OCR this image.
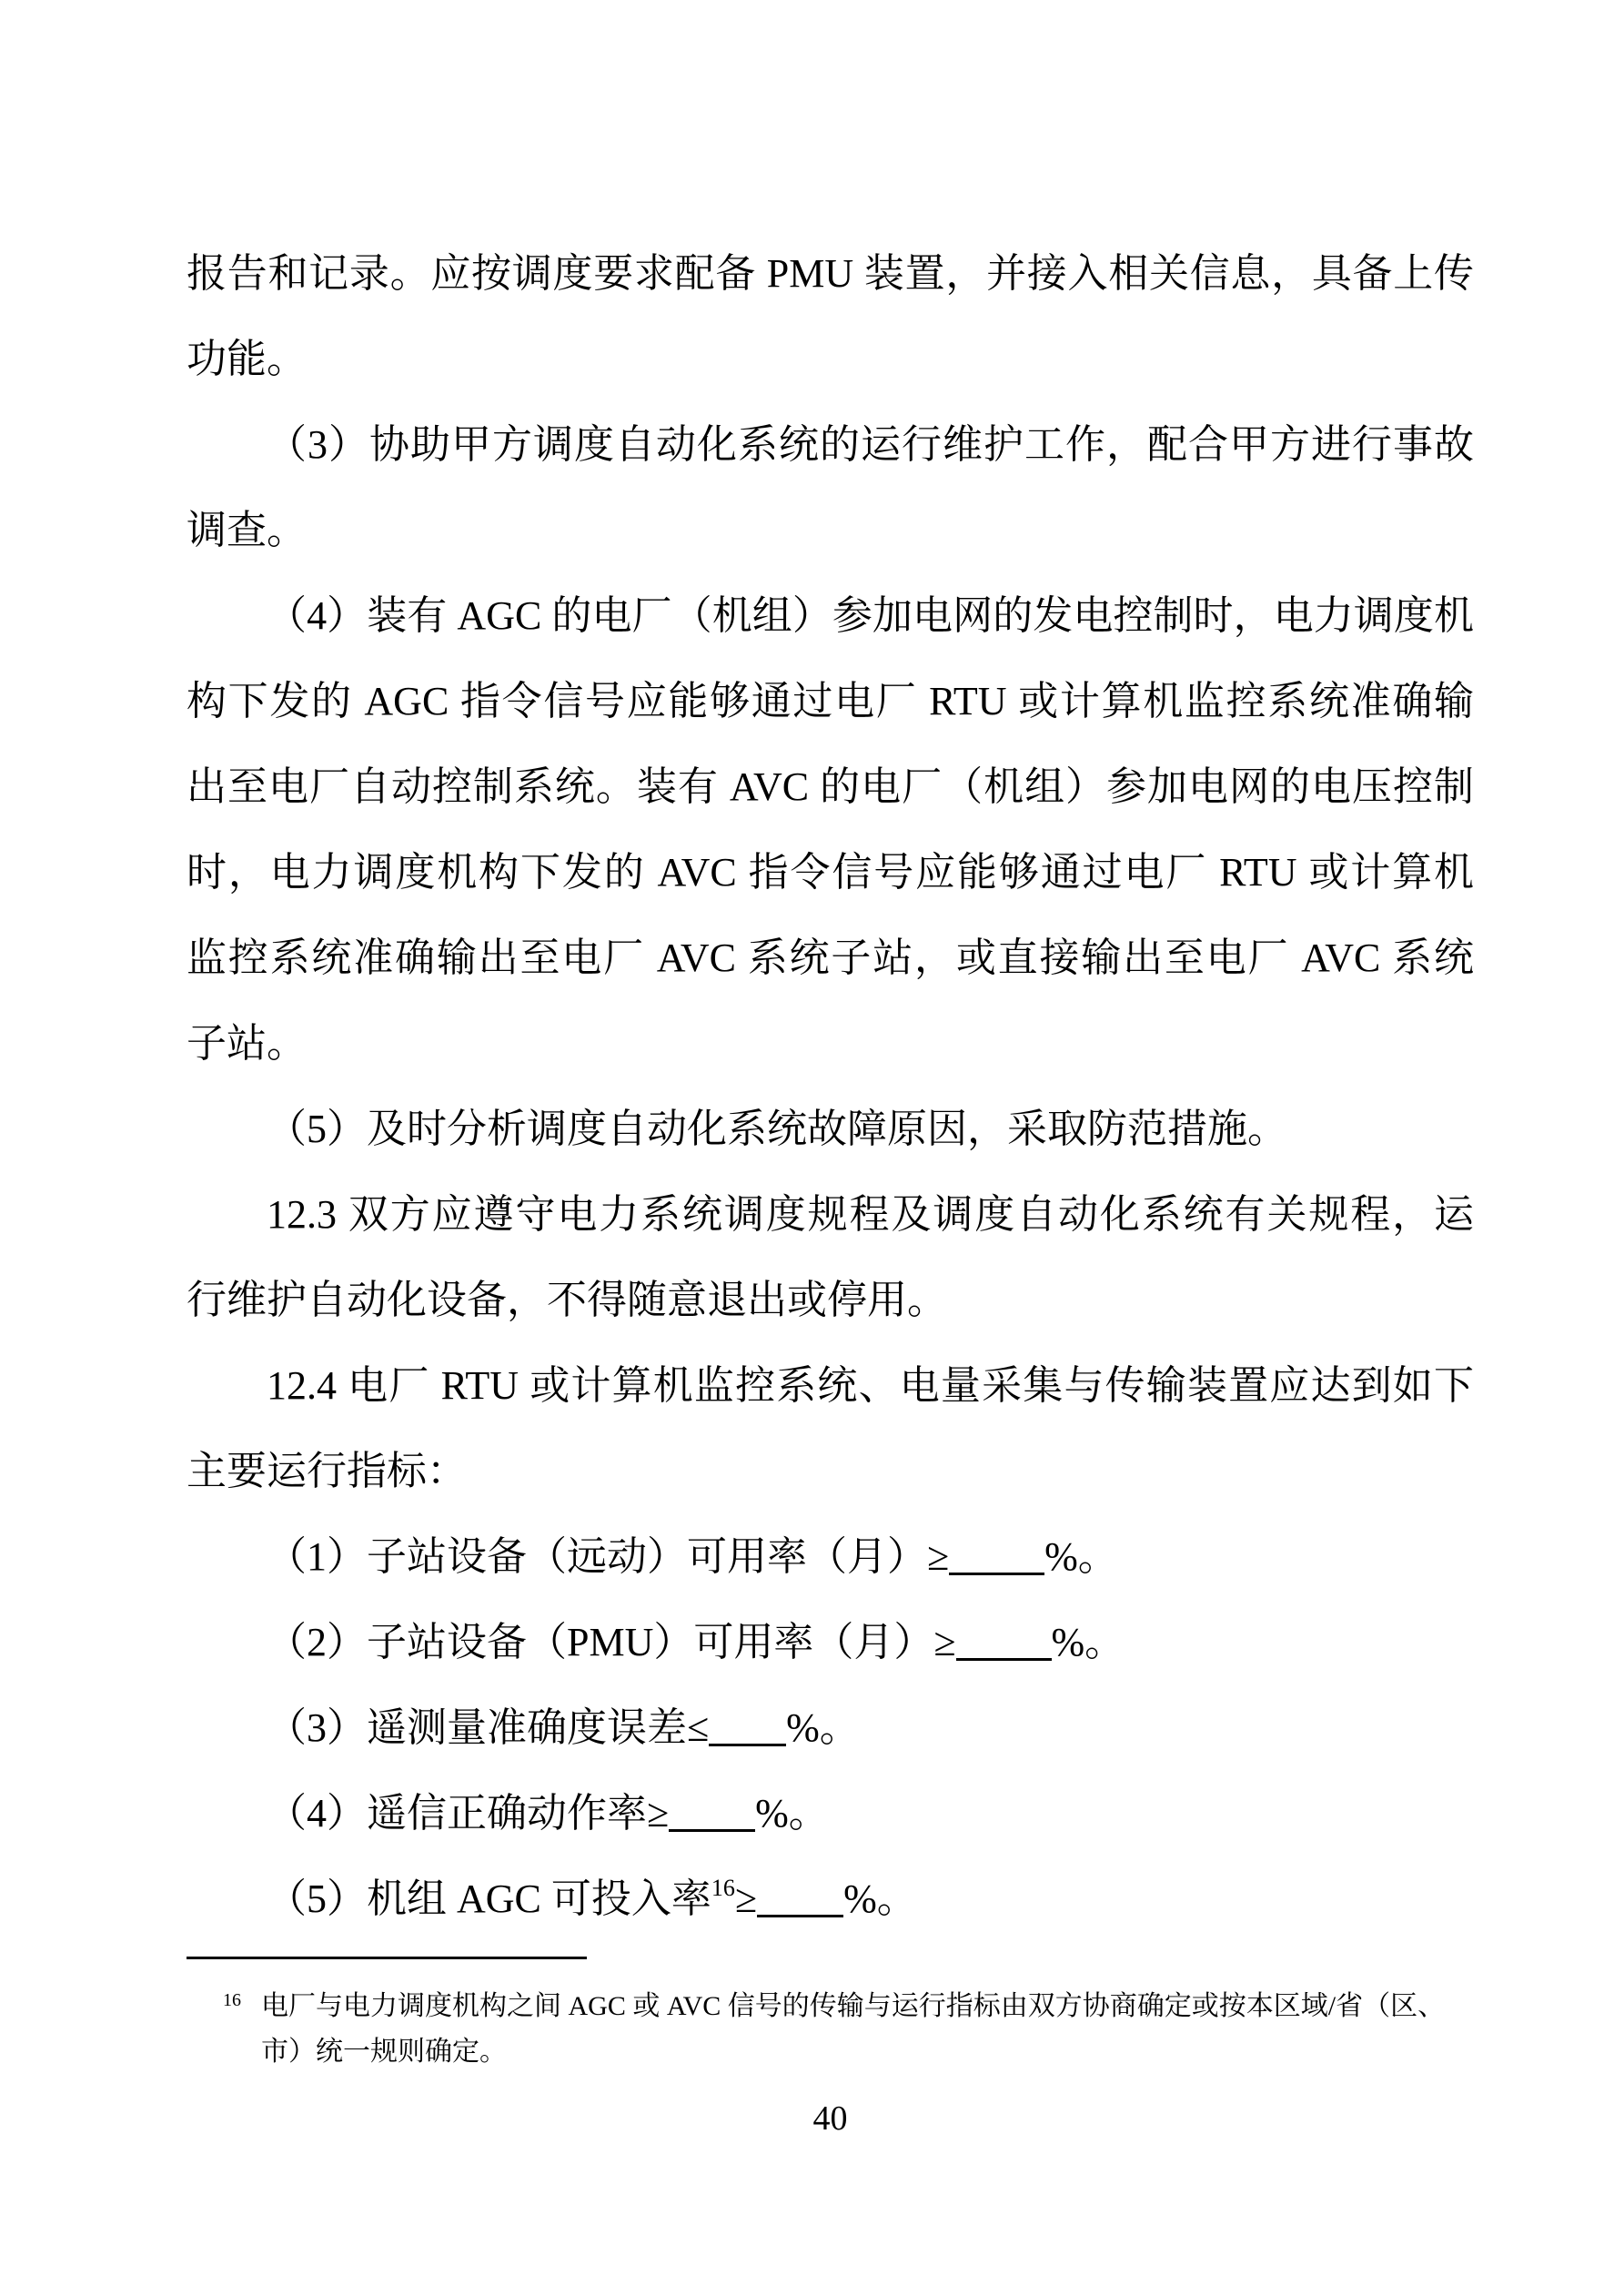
报告和记录。应按调度要求配备 PMU 装置，并接入相关信息，具备上传
功能。
（3）协助甲方调度自动化系统的运行维护工作，配合甲方进行事故
调查。
（4）装有 AGC 的电厂（机组）参加电网的发电控制时，电力调度机
构下发的 AGC 指令信号应能够通过电厂 RTU 或计算机监控系统准确输
出至电厂自动控制系统。装有 AVC 的电厂（机组）参加电网的电压控制
时，电力调度机构下发的 AVC 指令信号应能够通过电厂 RTU 或计算机
监控系统准确输出至电厂 AVC 系统子站，或直接输出至电厂 AVC 系统
子站。
（5）及时分析调度自动化系统故障原因，采取防范措施。
12.3 双方应遵守电力系统调度规程及调度自动化系统有关规程，运
行维护自动化设备，不得随意退出或停用。
12.4 电厂 RTU 或计算机监控系统、电量采集与传输装置应达到如下
主要运行指标：
（1）子站设备（远动）可用率（月）≥ %。
（2）子站设备（PMU）可用率（月）≥ %。
（3）遥测量准确度误差≤ %。
（4）遥信正确动作率≥ %。
（5）机组 AGC 可投入率$^{16}$≥ %。
16 电厂与电力调度机构之间 AGC 或 AVC 信号的传输与运行指标由双方协商确定或按本区域/省（区、
市）统一规则确定。
40
